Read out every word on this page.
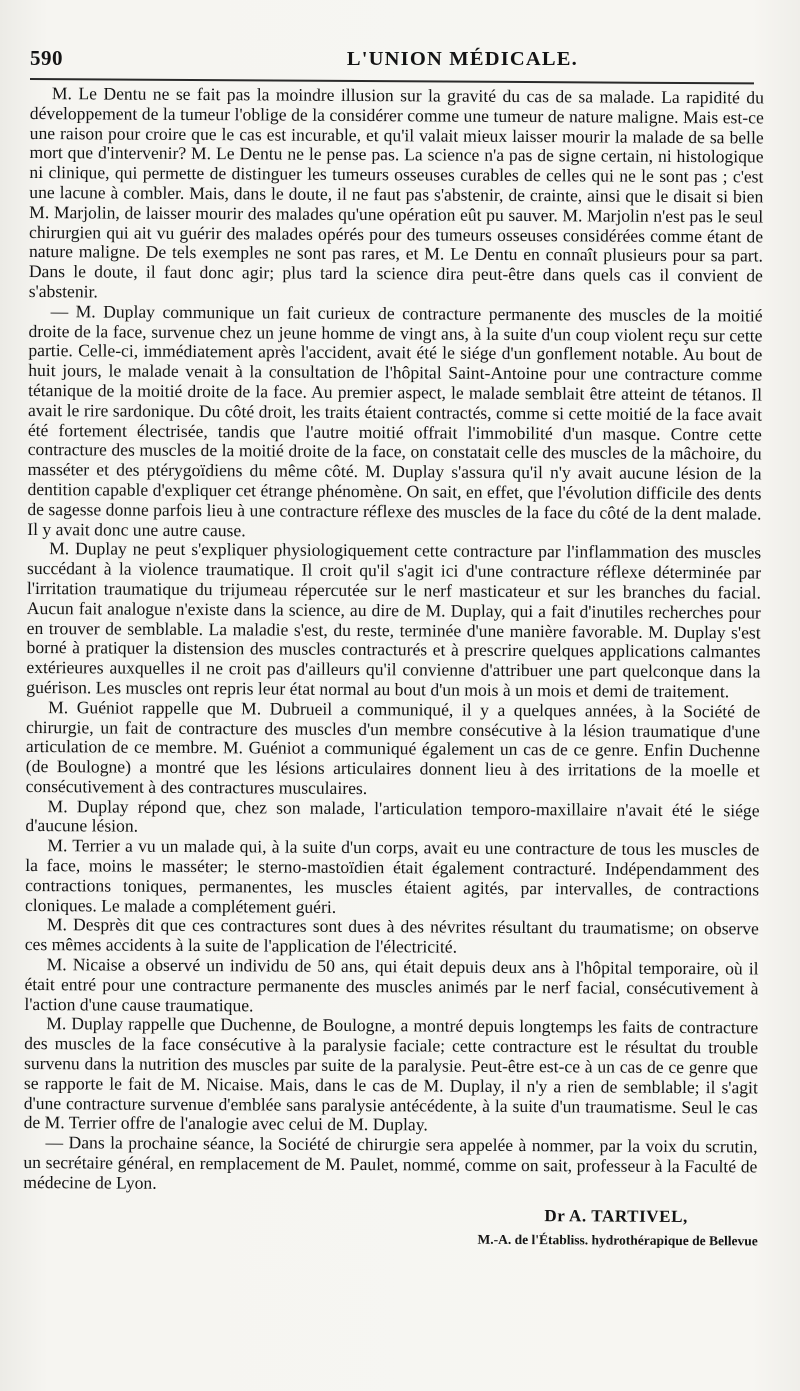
590	L'UNION MÉDICALE.

M. Le Dentu ne se fait pas la moindre illusion sur la gravité du cas de sa malade. La rapidité du développement de la tumeur l'oblige de la considérer comme une tumeur de nature maligne. Mais est-ce une raison pour croire que le cas est incurable, et qu'il valait mieux laisser mourir la malade de sa belle mort que d'intervenir? M. Le Dentu ne le pense pas. La science n'a pas de signe certain, ni histologique ni clinique, qui permette de distinguer les tumeurs osseuses curables de celles qui ne le sont pas ; c'est une lacune à combler. Mais, dans le doute, il ne faut pas s'abstenir, de crainte, ainsi que le disait si bien M. Marjolin, de laisser mourir des malades qu'une opération eût pu sauver. M. Marjolin n'est pas le seul chirurgien qui ait vu guérir des malades opérés pour des tumeurs osseuses considérées comme étant de nature maligne. De tels exemples ne sont pas rares, et M. Le Dentu en connaît plusieurs pour sa part. Dans le doute, il faut donc agir; plus tard la science dira peut-être dans quels cas il convient de s'abstenir.

— M. Duplay communique un fait curieux de contracture permanente des muscles de la moitié droite de la face, survenue chez un jeune homme de vingt ans, à la suite d'un coup violent reçu sur cette partie. Celle-ci, immédiatement après l'accident, avait été le siége d'un gonflement notable. Au bout de huit jours, le malade venait à la consultation de l'hôpital Saint-Antoine pour une contracture comme tétanique de la moitié droite de la face. Au premier aspect, le malade semblait être atteint de tétanos. Il avait le rire sardonique. Du côté droit, les traits étaient contractés, comme si cette moitié de la face avait été fortement électrisée, tandis que l'autre moitié offrait l'immobilité d'un masque. Contre cette contracture des muscles de la moitié droite de la face, on constatait celle des muscles de la mâchoire, du masséter et des ptérygoïdiens du même côté. M. Duplay s'assura qu'il n'y avait aucune lésion de la dentition capable d'expliquer cet étrange phénomène. On sait, en effet, que l'évolution difficile des dents de sagesse donne parfois lieu à une contracture réflexe des muscles de la face du côté de la dent malade. Il y avait donc une autre cause.

M. Duplay ne peut s'expliquer physiologiquement cette contracture par l'inflammation des muscles succédant à la violence traumatique. Il croit qu'il s'agit ici d'une contracture réflexe déterminée par l'irritation traumatique du trijumeau répercutée sur le nerf masticateur et sur les branches du facial. Aucun fait analogue n'existe dans la science, au dire de M. Duplay, qui a fait d'inutiles recherches pour en trouver de semblable. La maladie s'est, du reste, terminée d'une manière favorable. M. Duplay s'est borné à pratiquer la distension des muscles contracturés et à prescrire quelques applications calmantes extérieures auxquelles il ne croit pas d'ailleurs qu'il convienne d'attribuer une part quelconque dans la guérison. Les muscles ont repris leur état normal au bout d'un mois à un mois et demi de traitement.

M. Guéniot rappelle que M. Dubrueil a communiqué, il y a quelques années, à la Société de chirurgie, un fait de contracture des muscles d'un membre consécutive à la lésion traumatique d'une articulation de ce membre. M. Guéniot a communiqué également un cas de ce genre. Enfin Duchenne (de Boulogne) a montré que les lésions articulaires donnent lieu à des irritations de la moelle et consécutivement à des contractures musculaires.

M. Duplay répond que, chez son malade, l'articulation temporo-maxillaire n'avait été le siége d'aucune lésion.

M. Terrier a vu un malade qui, à la suite d'un corps, avait eu une contracture de tous les muscles de la face, moins le masséter; le sterno-mastoïdien était également contracturé. Indépendamment des contractions toniques, permanentes, les muscles étaient agités, par intervalles, de contractions cloniques. Le malade a complétement guéri.

M. Desprès dit que ces contractures sont dues à des névrites résultant du traumatisme; on observe ces mêmes accidents à la suite de l'application de l'électricité.

M. Nicaise a observé un individu de 50 ans, qui était depuis deux ans à l'hôpital temporaire, où il était entré pour une contracture permanente des muscles animés par le nerf facial, consécutivement à l'action d'une cause traumatique.

M. Duplay rappelle que Duchenne, de Boulogne, a montré depuis longtemps les faits de contracture des muscles de la face consécutive à la paralysie faciale; cette contracture est le résultat du trouble survenu dans la nutrition des muscles par suite de la paralysie. Peut-être est-ce à un cas de ce genre que se rapporte le fait de M. Nicaise. Mais, dans le cas de M. Duplay, il n'y a rien de semblable; il s'agit d'une contracture survenue d'emblée sans paralysie antécédente, à la suite d'un traumatisme. Seul le cas de M. Terrier offre de l'analogie avec celui de M. Duplay.

— Dans la prochaine séance, la Société de chirurgie sera appelée à nommer, par la voix du scrutin, un secrétaire général, en remplacement de M. Paulet, nommé, comme on sait, professeur à la Faculté de médecine de Lyon.

Dr A. TARTIVEL,
M.-A. de l'Établiss. hydrothérapique de Bellevue
